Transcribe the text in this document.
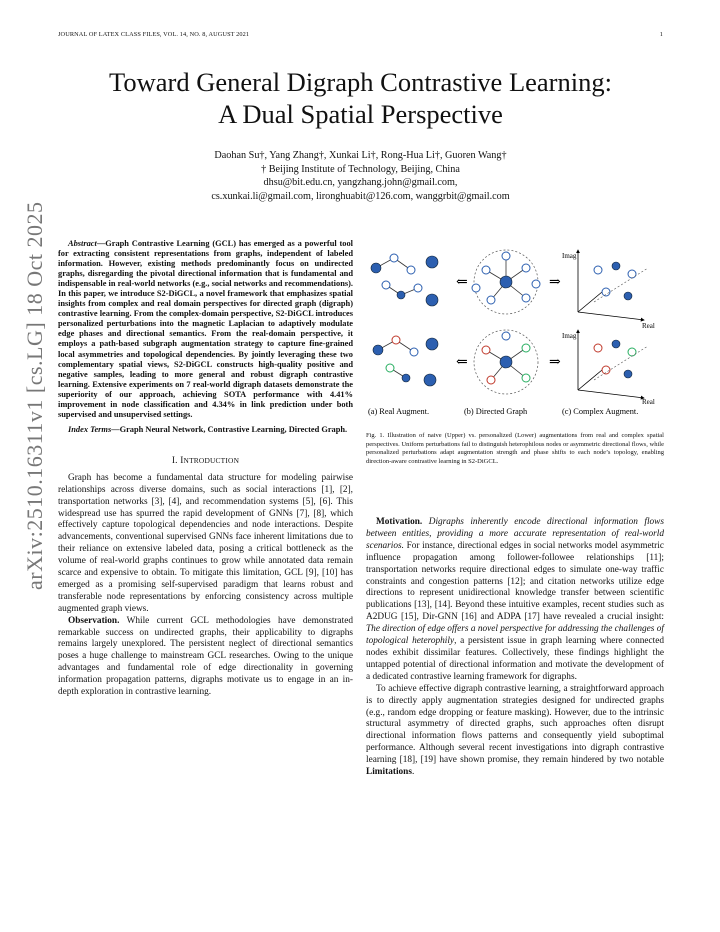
JOURNAL OF LATEX CLASS FILES, VOL. 14, NO. 8, AUGUST 2021	1
arXiv:2510.16311v1 [cs.LG] 18 Oct 2025
Toward General Digraph Contrastive Learning:
A Dual Spatial Perspective
Daohan Su†, Yang Zhang†, Xunkai Li†, Rong-Hua Li†, Guoren Wang†
† Beijing Institute of Technology, Beijing, China
dhsu@bit.edu.cn, yangzhang.john@gmail.com,
cs.xunkai.li@gmail.com, lironghuabit@126.com, wanggrbit@gmail.com

Abstract—Graph Contrastive Learning (GCL) has emerged as a powerful tool for extracting consistent representations from graphs, independent of labeled information. However, existing methods predominantly focus on undirected graphs, disregarding the pivotal directional information that is fundamental and indispensable in real-world networks (e.g., social networks and recommendations). In this paper, we introduce S2-DiGCL, a novel framework that emphasizes spatial insights from complex and real domain perspectives for directed graph (digraph) contrastive learning. From the complex-domain perspective, S2-DiGCL introduces personalized perturbations into the magnetic Laplacian to adaptively modulate edge phases and directional semantics. From the real-domain perspective, it employs a path-based subgraph augmentation strategy to capture fine-grained local asymmetries and topological dependencies. By jointly leveraging these two complementary spatial views, S2-DiGCL constructs high-quality positive and negative samples, leading to more general and robust digraph contrastive learning. Extensive experiments on 7 real-world digraph datasets demonstrate the superiority of our approach, achieving SOTA performance with 4.41% improvement in node classification and 4.34% in link prediction under both supervised and unsupervised settings.

Index Terms—Graph Neural Network, Contrastive Learning, Directed Graph.

I. INTRODUCTION

Graph has become a fundamental data structure for modeling pairwise relationships across diverse domains, such as social interactions [1], [2], transportation networks [3], [4], and recommendation systems [5], [6]. This widespread use has spurred the rapid development of GNNs [7], [8], which effectively capture topological dependencies and node interactions. Despite advancements, conventional supervised GNNs face inherent limitations due to their reliance on extensive labeled data, posing a critical bottleneck as the volume of real-world graphs continues to grow while annotated data remain scarce and expensive to obtain. To mitigate this limitation, GCL [9], [10] has emerged as a promising self-supervised paradigm that learns robust and transferable node representations by enforcing consistency across multiple augmented graph views.

Observation. While current GCL methodologies have demonstrated remarkable success on undirected graphs, their applicability to digraphs remains largely unexplored. The persistent neglect of directional semantics poses a huge challenge to mainstream GCL researches. Owing to the unique advantages and fundamental role of edge directionality in governing information propagation patterns, digraphs motivate us to engage in an in-depth exploration in contrastive learning.

⇐	⇒
Imag
Real
⇐	⇒
Imag
Real
(a) Real Augment.	(b) Directed Graph	(c) Complex Augment.
Fig. 1. Illustration of naive (Upper) vs. personalized (Lower) augmentations from real and complex spatial perspectives. Uniform perturbations fail to distinguish heterophilous nodes or asymmetric directional flows, while personalized perturbations adapt augmentation strength and phase shifts to each node’s topology, enabling direction-aware contrastive learning in S2-DiGCL.

Motivation. Digraphs inherently encode directional information flows between entities, providing a more accurate representation of real-world scenarios. For instance, directional edges in social networks model asymmetric influence propagation among follower-followee relationships [11]; transportation networks require directional edges to simulate one-way traffic constraints and congestion patterns [12]; and citation networks utilize edge directions to represent unidirectional knowledge transfer between scientific publications [13], [14]. Beyond these intuitive examples, recent studies such as A2DUG [15], Dir-GNN [16] and ADPA [17] have revealed a crucial insight: The direction of edge offers a novel perspective for addressing the challenges of topological heterophily, a persistent issue in graph learning where connected nodes exhibit dissimilar features. Collectively, these findings highlight the untapped potential of directional information and motivate the development of a dedicated contrastive learning framework for digraphs.

To achieve effective digraph contrastive learning, a straightforward approach is to directly apply augmentation strategies designed for undirected graphs (e.g., random edge dropping or feature masking). However, due to the intrinsic structural asymmetry of directed graphs, such approaches often disrupt directional information flows patterns and consequently yield suboptimal performance. Although several recent investigations into digraph contrastive learning [18], [19] have shown promise, they remain hindered by two notable Limitations.
